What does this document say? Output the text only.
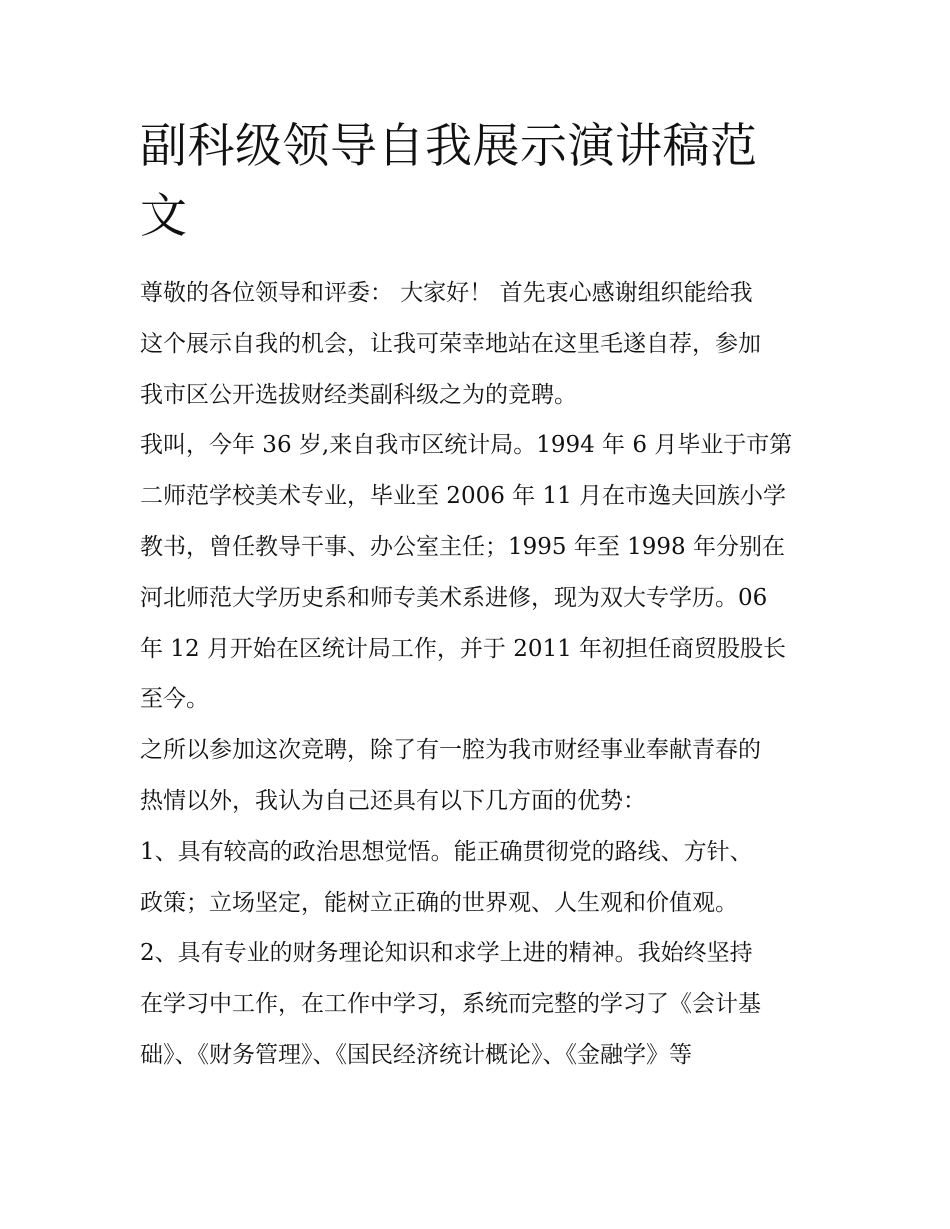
副科级领导自我展示演讲稿范
文

尊敬的各位领导和评委： 大家好！ 首先衷心感谢组织能给我
这个展示自我的机会，让我可荣幸地站在这里毛遂自荐，参加
我市区公开选拔财经类副科级之为的竞聘。

我叫，今年 36 岁,来自我市区统计局。1994 年 6 月毕业于市第
二师范学校美术专业，毕业至 2006 年 11 月在市逸夫回族小学
教书，曾任教导干事、办公室主任；1995 年至 1998 年分别在
河北师范大学历史系和师专美术系进修，现为双大专学历。06
年 12 月开始在区统计局工作，并于 2011 年初担任商贸股股长
至今。

之所以参加这次竞聘，除了有一腔为我市财经事业奉献青春的
热情以外，我认为自己还具有以下几方面的优势：

1、具有较高的政治思想觉悟。能正确贯彻党的路线、方针、
政策；立场坚定，能树立正确的世界观、人生观和价值观。

2、具有专业的财务理论知识和求学上进的精神。我始终坚持
在学习中工作，在工作中学习，系统而完整的学习了《会计基
础》、《财务管理》、《国民经济统计概论》、《金融学》等
